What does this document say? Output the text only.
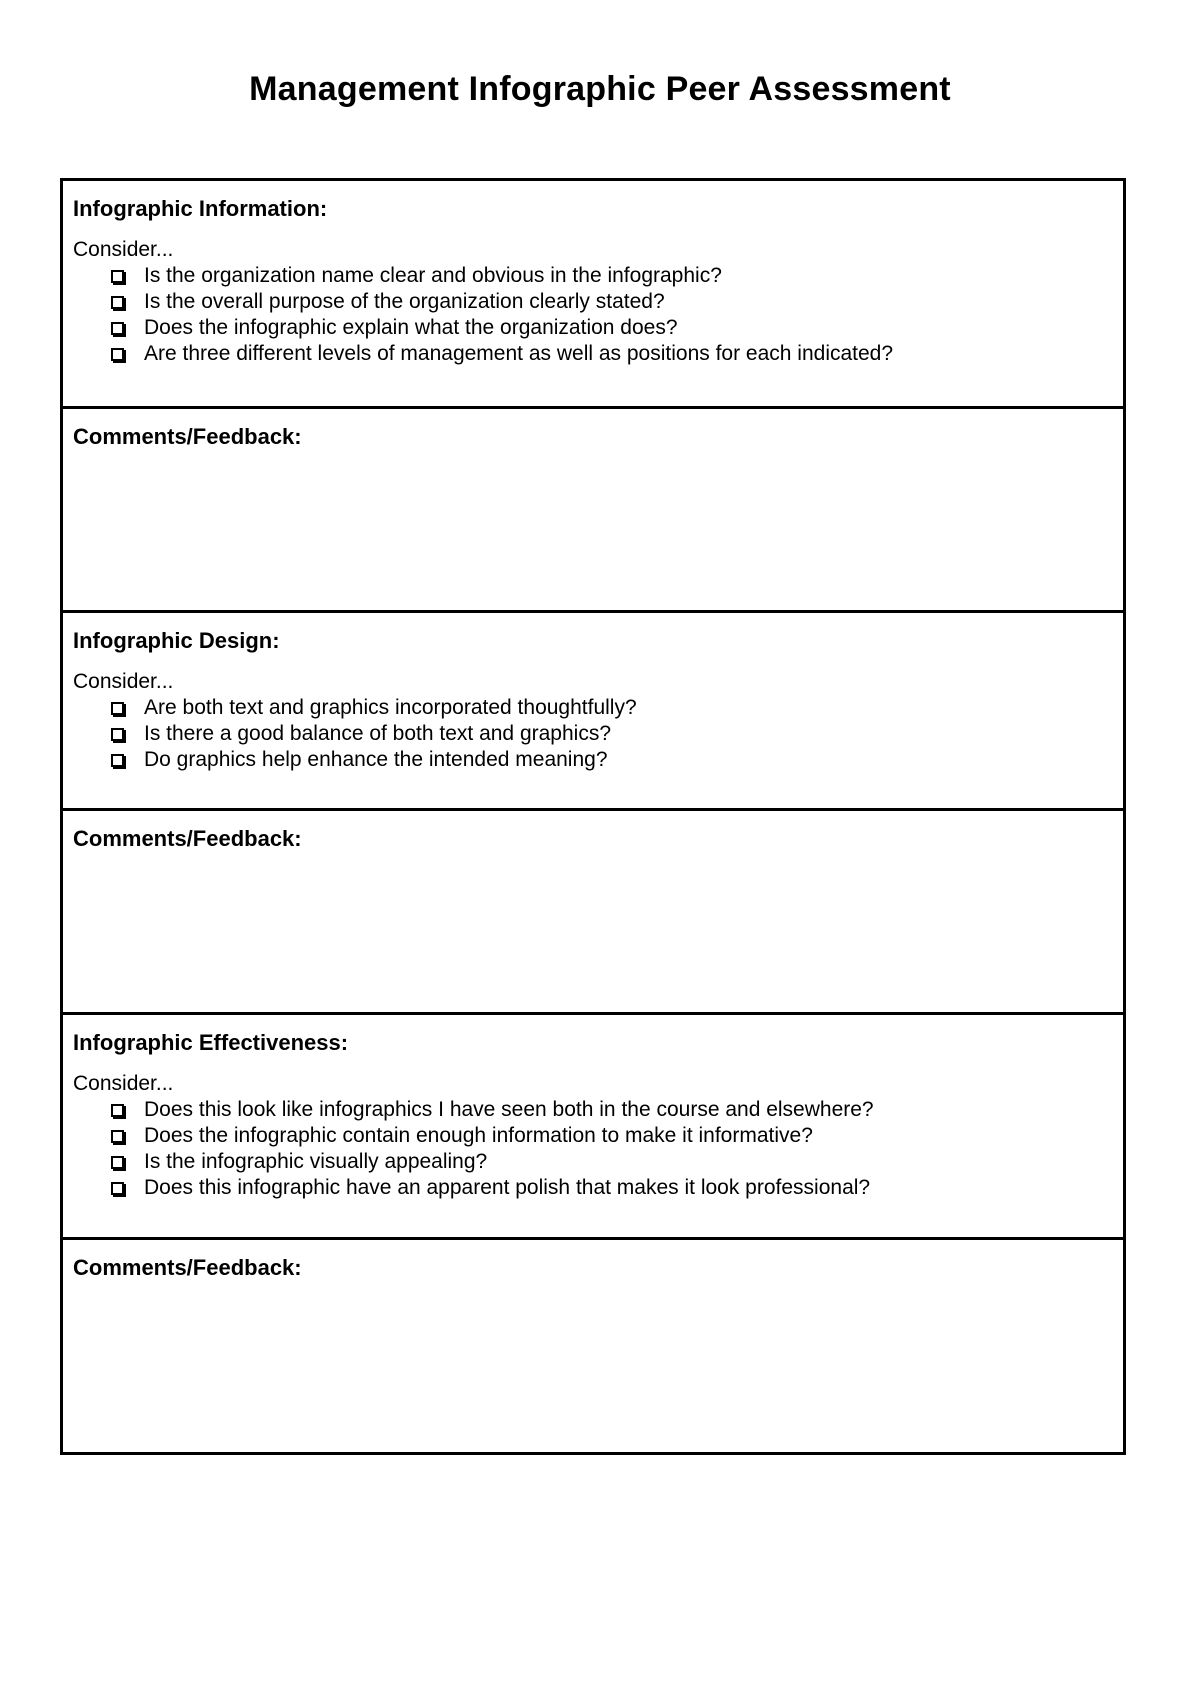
Management Infographic Peer Assessment
Infographic Information:
Consider...
Is the organization name clear and obvious in the infographic?
Is the overall purpose of the organization clearly stated?
Does the infographic explain what the organization does?
Are three different levels of management as well as positions for each indicated?
Comments/Feedback:
Infographic Design:
Consider...
Are both text and graphics incorporated thoughtfully?
Is there a good balance of both text and graphics?
Do graphics help enhance the intended meaning?
Comments/Feedback:
Infographic Effectiveness:
Consider...
Does this look like infographics I have seen both in the course and elsewhere?
Does the infographic contain enough information to make it informative?
Is the infographic visually appealing?
Does this infographic have an apparent polish that makes it look professional?
Comments/Feedback:
